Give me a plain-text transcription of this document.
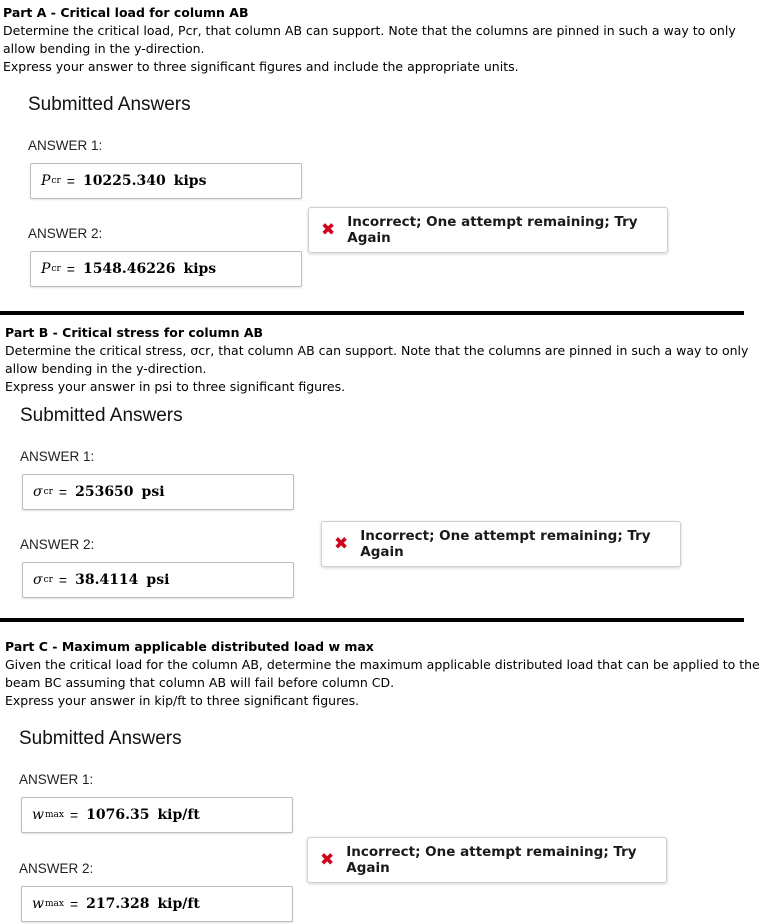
Part A - Critical load for column AB
Determine the critical load, Pcr, that column AB can support. Note that the columns are pinned in such a way to only
allow bending in the y-direction.
Express your answer to three significant figures and include the appropriate units.
Submitted Answers
ANSWER 1:
P cr = 10225.340 kips
ANSWER 2:
P cr = 1548.46226 kips
✖ Incorrect; One attempt remaining; Try Again
Part B - Critical stress for column AB
Determine the critical stress, σcr, that column AB can support. Note that the columns are pinned in such a way to only
allow bending in the y-direction.
Express your answer in psi to three significant figures.
Submitted Answers
ANSWER 1:
σ cr = 253650 psi
ANSWER 2:
σ cr = 38.4114 psi
✖ Incorrect; One attempt remaining; Try Again
Part C - Maximum applicable distributed load w max
Given the critical load for the column AB, determine the maximum applicable distributed load that can be applied to the
beam BC assuming that column AB will fail before column CD.
Express your answer in kip/ft to three significant figures.
Submitted Answers
ANSWER 1:
w max = 1076.35 kip/ft
ANSWER 2:
w max = 217.328 kip/ft
✖ Incorrect; One attempt remaining; Try Again
